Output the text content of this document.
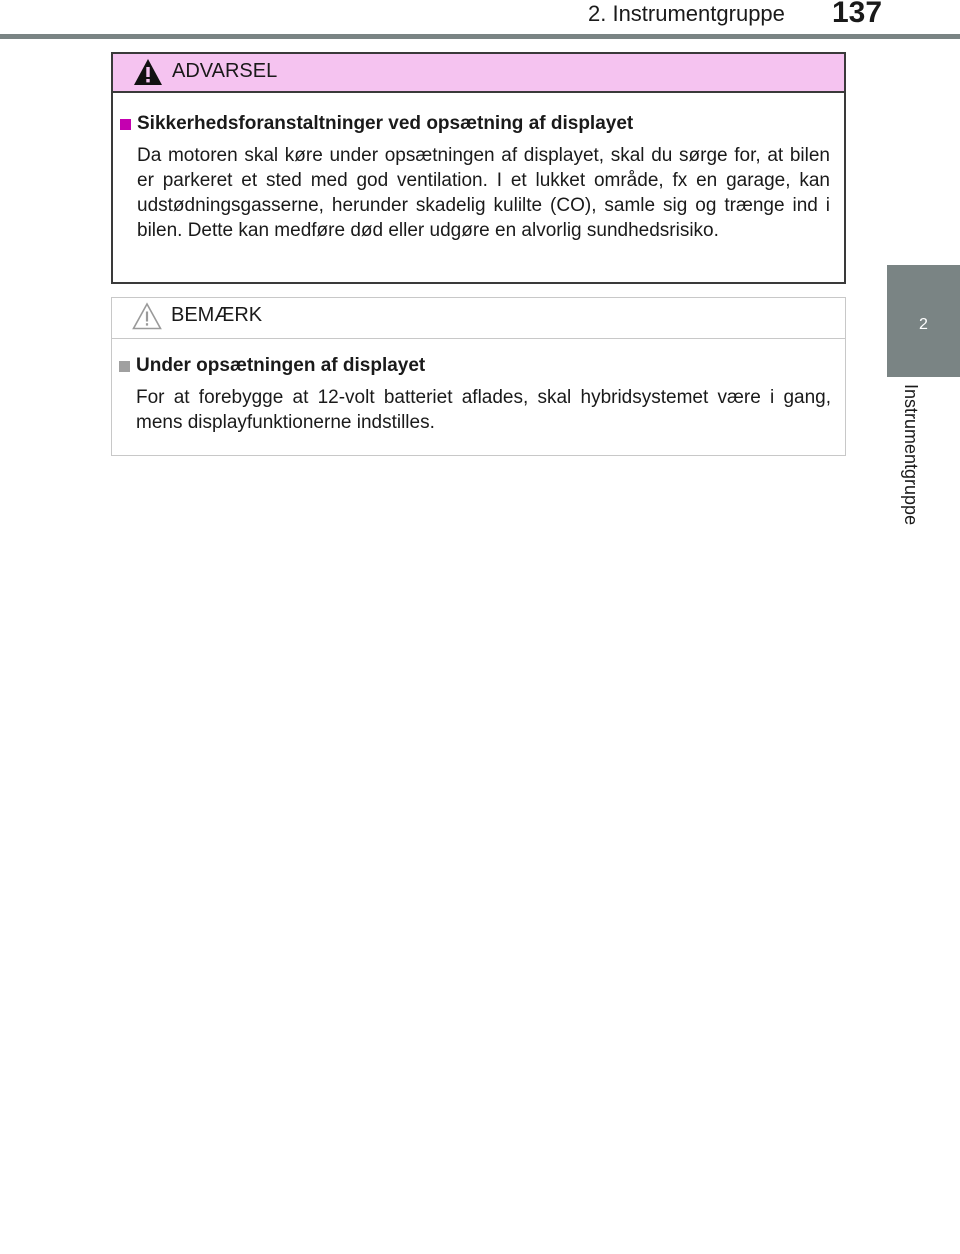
2. Instrumentgruppe 137
2
Instrumentgruppe
ADVARSEL
Sikkerhedsforanstaltninger ved opsætning af displayet

Da motoren skal køre under opsætningen af displayet, skal du sørge for, at bilen er parkeret et sted med god ventilation. I et lukket område, fx en garage, kan udstødningsgasserne, herunder skadelig kulilte (CO), samle sig og trænge ind i bilen. Dette kan medføre død eller udgøre en alvorlig sundhedsrisiko.

BEMÆRK
Under opsætningen af displayet

For at forebygge at 12-volt batteriet aflades, skal hybridsystemet være i gang, mens displayfunktionerne indstilles.
